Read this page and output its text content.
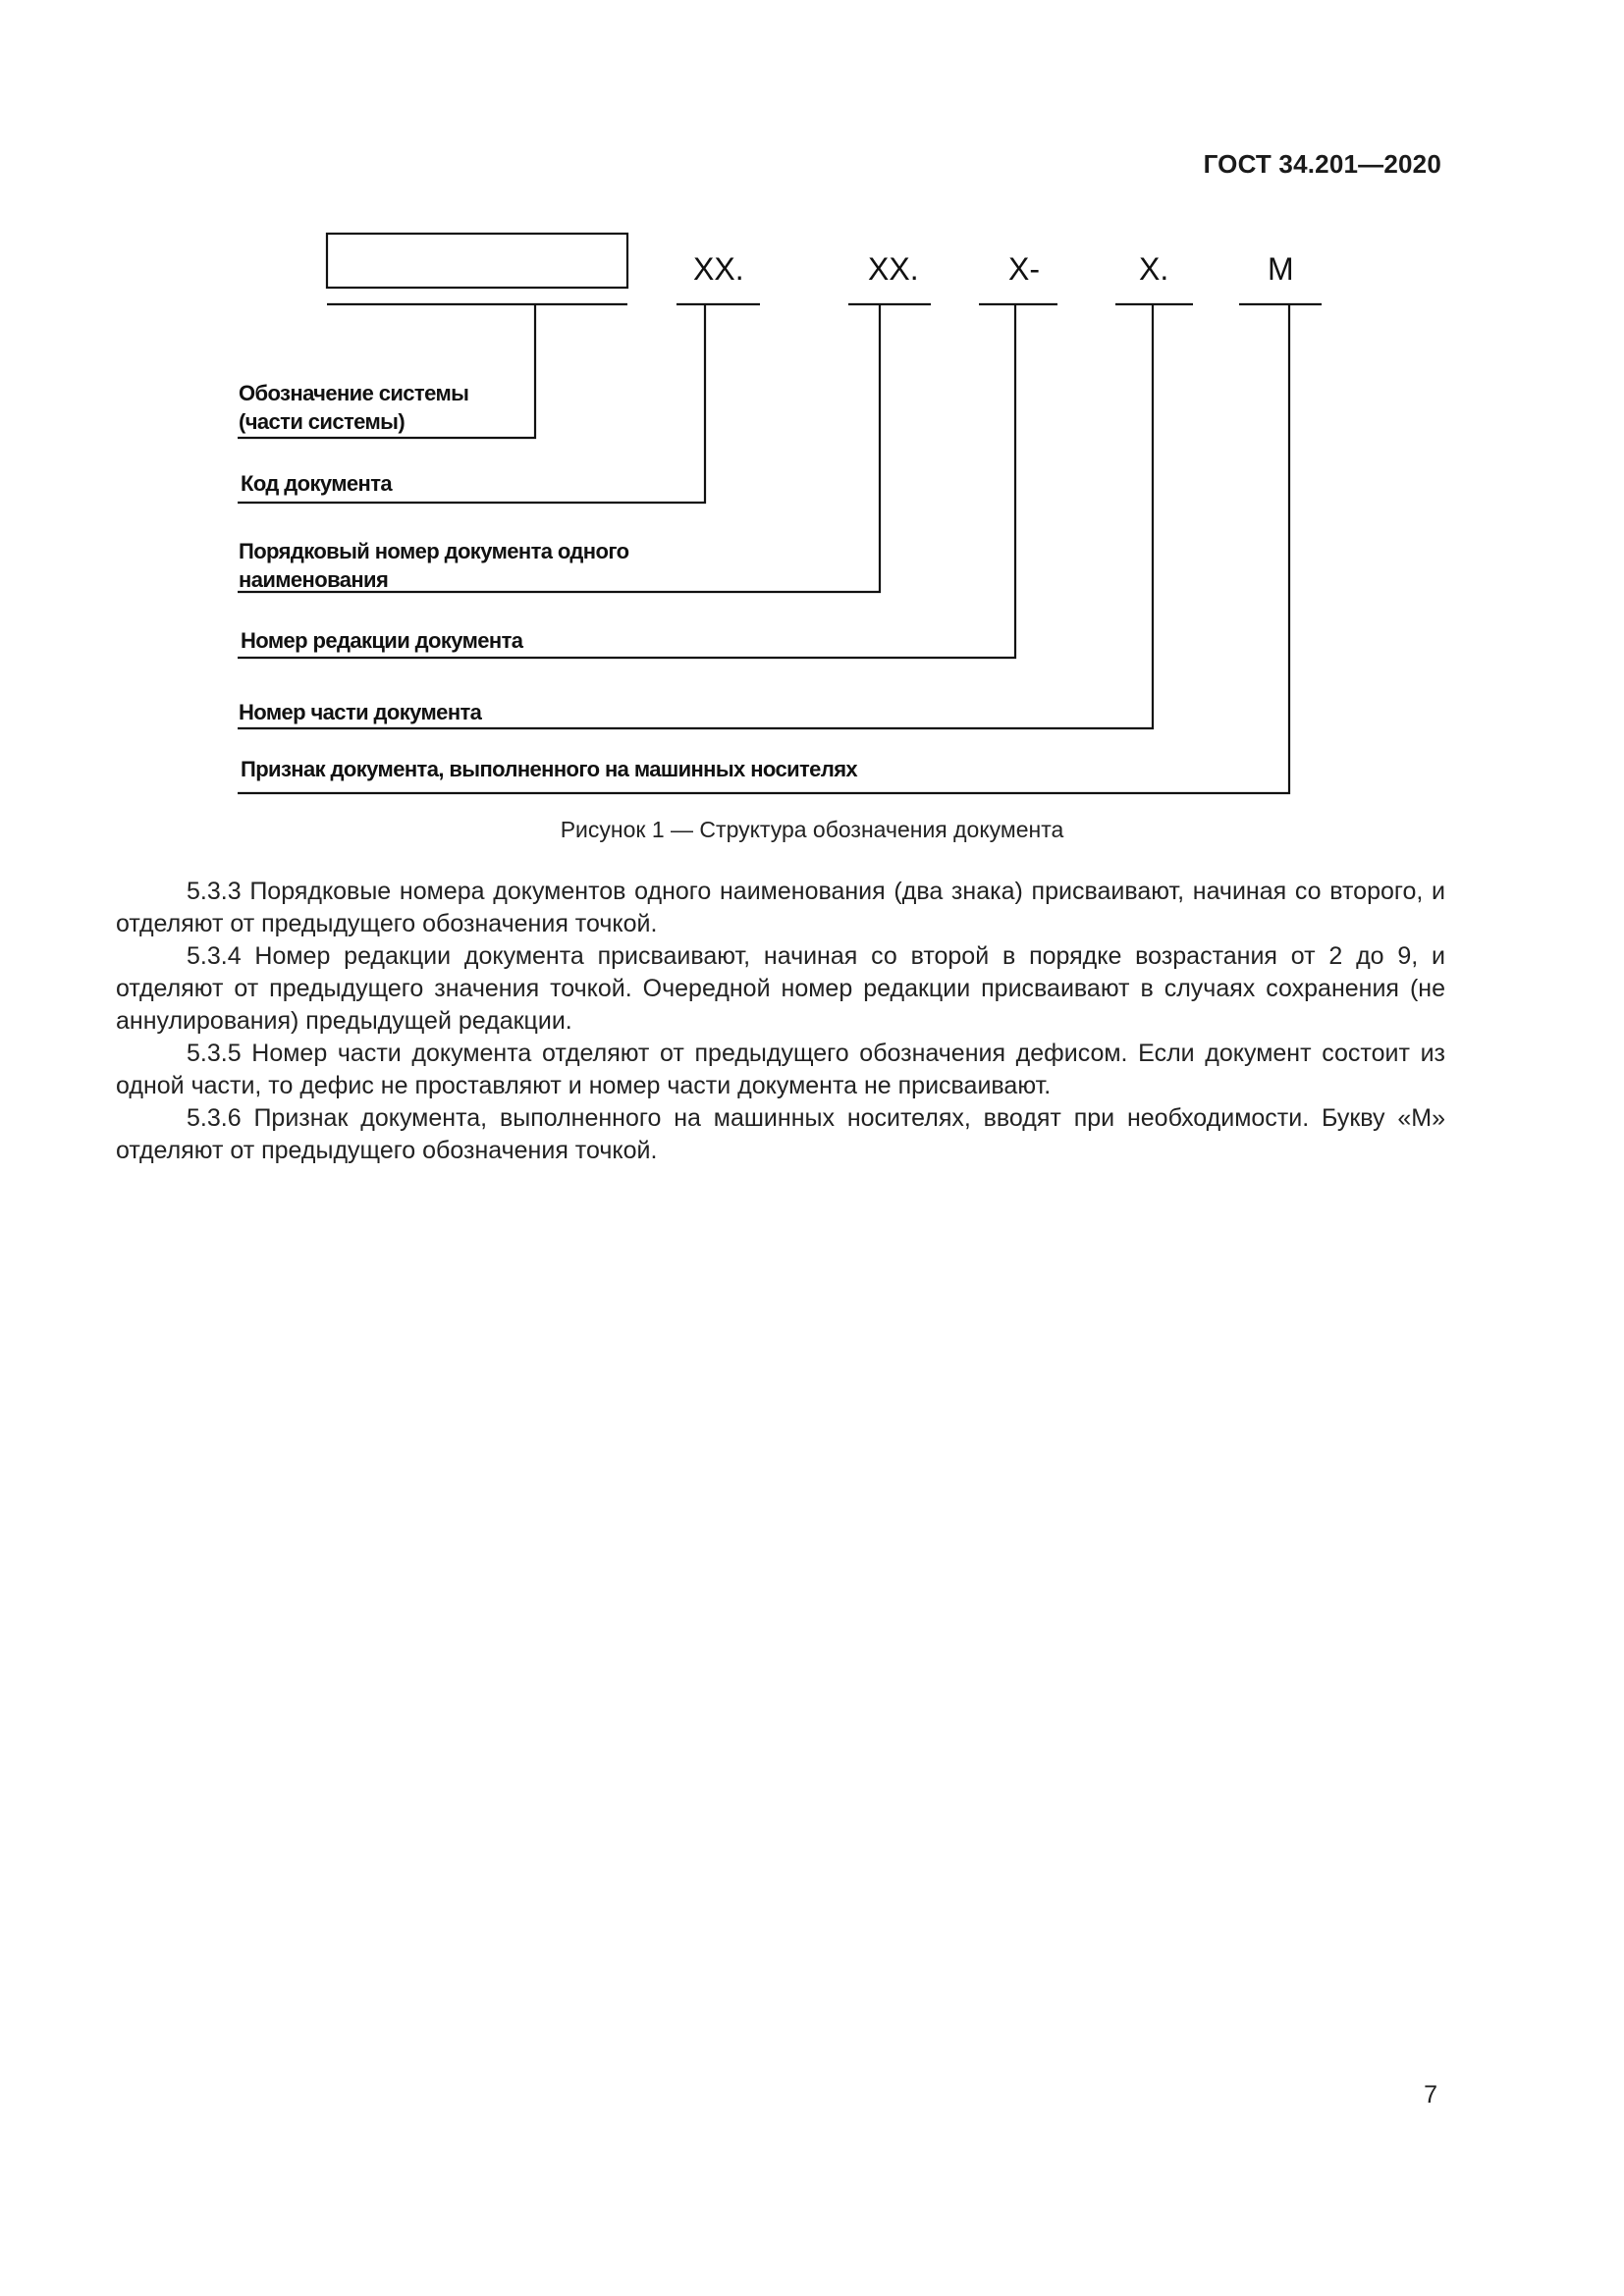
ГОСТ 34.201—2020
XX.	XX.	X-	X.	M
Обозначение системы
(части системы)
Код документа
Порядковый номер документа одного
наименования
Номер редакции документа
Номер части документа
Признак документа, выполненного на машинных носителях
Рисунок 1 — Структура обозначения документа

5.3.3 Порядковые номера документов одного наименования (два знака) присваивают, начиная со второго, и отделяют от предыдущего обозначения точкой.

5.3.4 Номер редакции документа присваивают, начиная со второй в порядке возрастания от 2 до 9, и отделяют от предыдущего значения точкой. Очередной номер редакции присваивают в случаях сохранения (не аннулирования) предыдущей редакции.

5.3.5 Номер части документа отделяют от предыдущего обозначения дефисом. Если документ состоит из одной части, то дефис не проставляют и номер части документа не присваивают.

5.3.6 Признак документа, выполненного на машинных носителях, вводят при необходимости. Букву «М» отделяют от предыдущего обозначения точкой.

7
